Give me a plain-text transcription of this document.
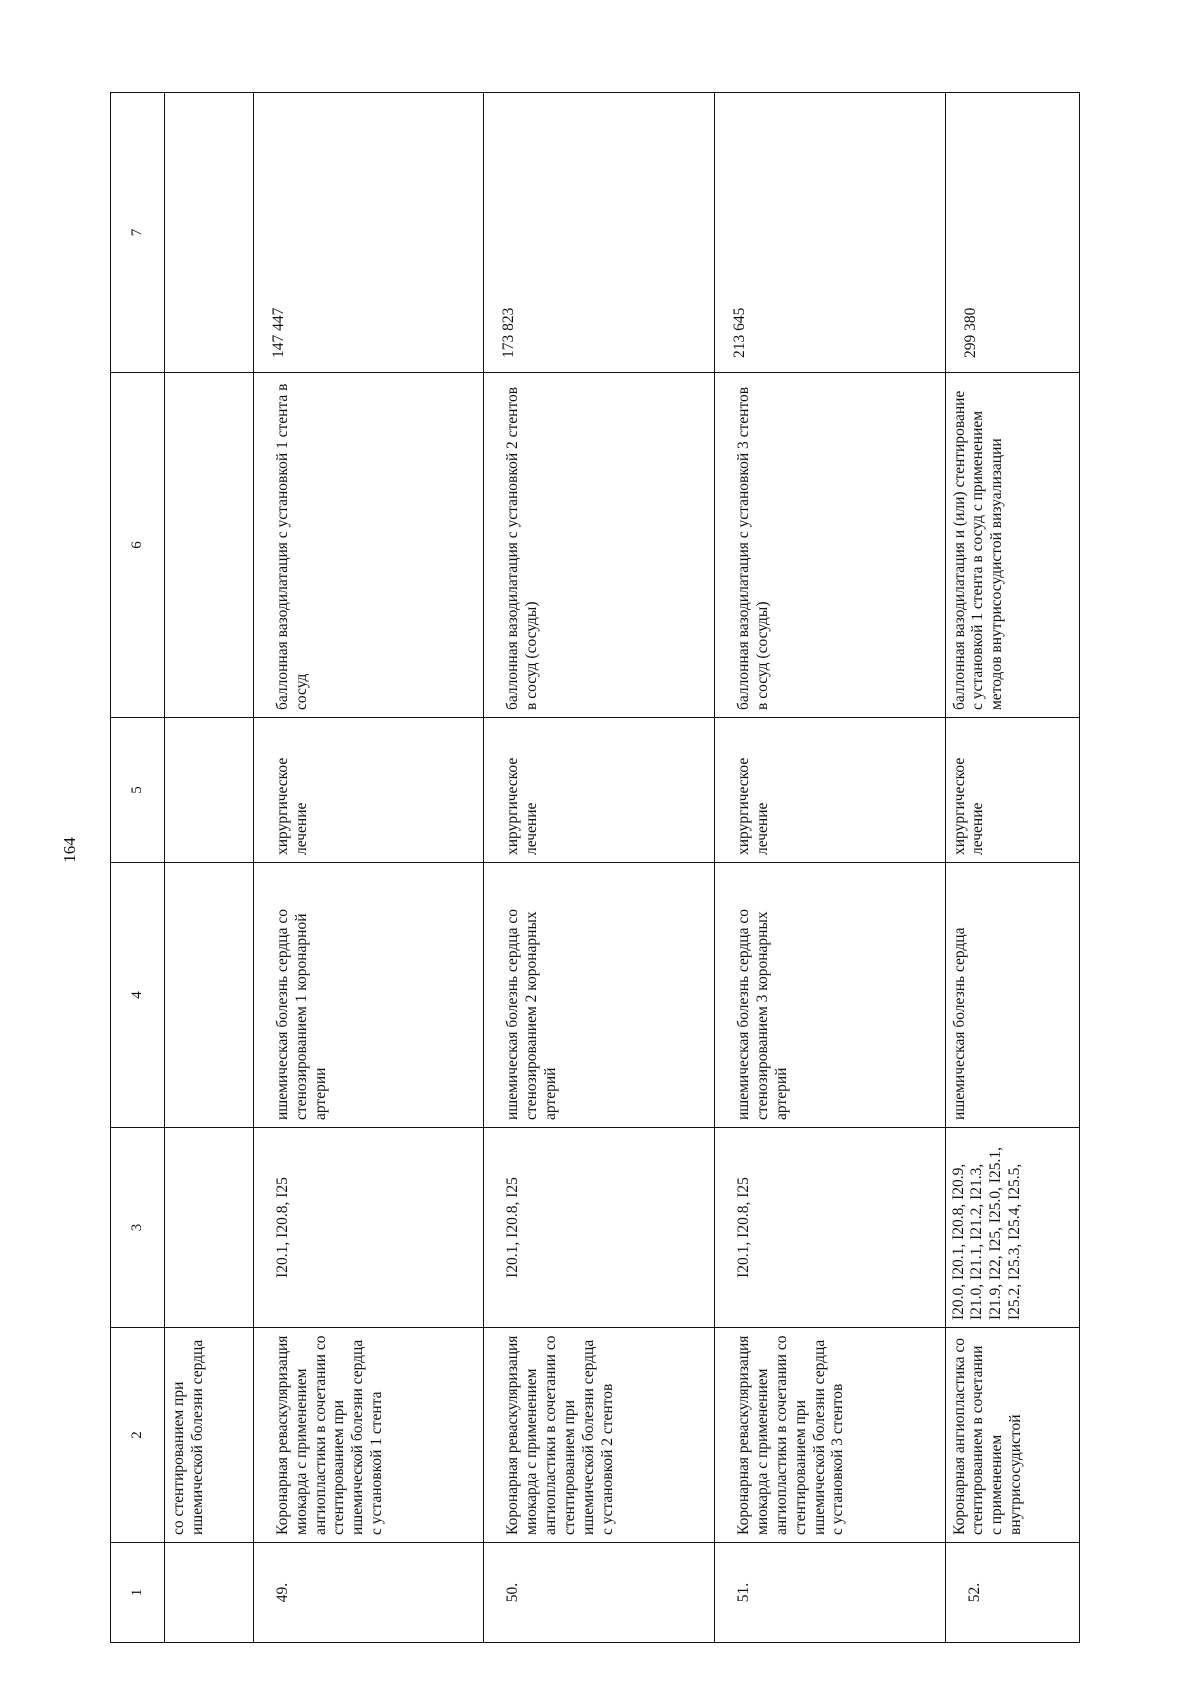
164
1	2	3	4	5	6	7
	со стентированием при ишемической болезни сердца					
49.	Коронарная реваскуляризация миокарда с применением ангиопластики в сочетании со стентированием при ишемической болезни сердца с установкой 1 стента	I20.1, I20.8, I25	ишемическая болезнь сердца со стенозированием 1 коронарной артерии	хирургическое лечение	баллонная вазодилатация с установкой 1 стента в сосуд	147 447
50.	Коронарная реваскуляризация миокарда с применением ангиопластики в сочетании со стентированием при ишемической болезни сердца с установкой 2 стентов	I20.1, I20.8, I25	ишемическая болезнь сердца со стенозированием 2 коронарных артерий	хирургическое лечение	баллонная вазодилатация с установкой 2 стентов в сосуд (сосуды)	173 823
51.	Коронарная реваскуляризация миокарда с применением ангиопластики в сочетании со стентированием при ишемической болезни сердца с установкой 3 стентов	I20.1, I20.8, I25	ишемическая болезнь сердца со стенозированием 3 коронарных артерий	хирургическое лечение	баллонная вазодилатация с установкой 3 стентов в сосуд (сосуды)	213 645
52.	Коронарная ангиопластика со стентированием в сочетании с применением внутрисосудистой	I20.0, I20.1, I20.8, I20.9, I21.0, I21.1, I21.2, I21.3, I21.9, I22, I25, I25.0, I25.1, I25.2, I25.3, I25.4, I25.5,	ишемическая болезнь сердца	хирургическое лечение	баллонная вазодилатация и (или) стентирование с установкой 1 стента в сосуд с применением методов внутрисосудистой визуализации	299 380
